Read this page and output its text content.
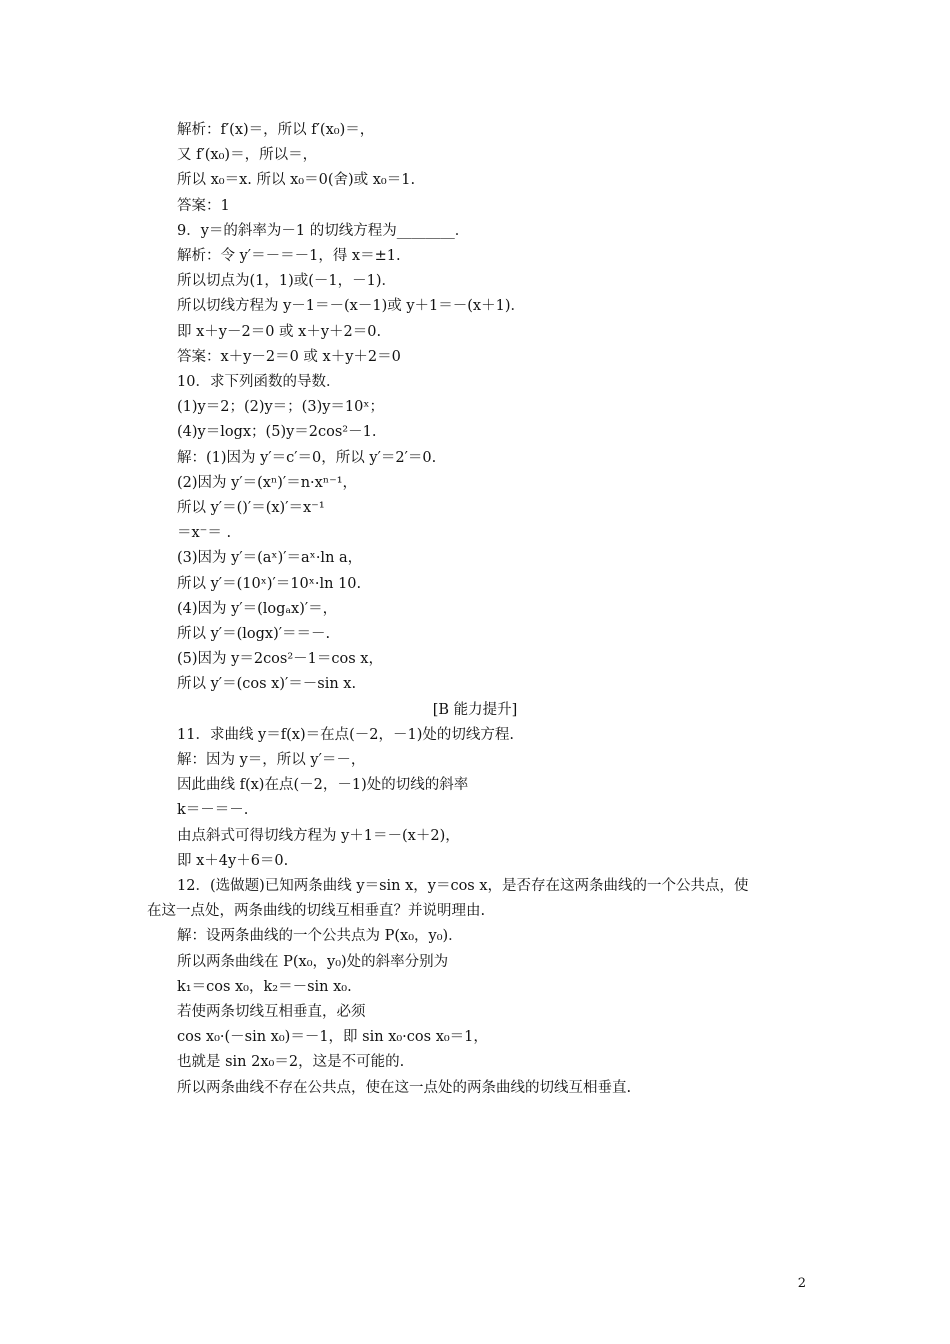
解析：f′(x)＝，所以 f′(x₀)＝，
又 f′(x₀)＝，所以＝，
所以 x₀＝x. 所以 x₀＝0(舍)或 x₀＝1.
答案：1
9．y＝的斜率为－1 的切线方程为________．
解析：令 y′＝－＝－1，得 x＝±1.
所以切点为(1，1)或(－1，－1)．
所以切线方程为 y－1＝－(x－1)或 y＋1＝－(x＋1)．
即 x＋y－2＝0 或 x＋y＋2＝0.
答案：x＋y－2＝0 或 x＋y＋2＝0
10．求下列函数的导数．
(1)y＝2；(2)y＝；(3)y＝10ˣ；
(4)y＝logx；(5)y＝2cos²－1.
解：(1)因为 y′＝c′＝0，所以 y′＝2′＝0.
(2)因为 y′＝(xⁿ)′＝n·xⁿ⁻¹，
所以 y′＝()′＝(x)′＝x⁻¹
＝x⁻＝ .
(3)因为 y′＝(aˣ)′＝aˣ·ln a，
所以 y′＝(10ˣ)′＝10ˣ·ln 10.
(4)因为 y′＝(logₐx)′＝，
所以 y′＝(logx)′＝＝－.
(5)因为 y＝2cos²－1＝cos x，
所以 y′＝(cos x)′＝－sin x.
[B 能力提升]
11．求曲线 y＝f(x)＝在点(－2，－1)处的切线方程.
解：因为 y＝，所以 y′＝－，
因此曲线 f(x)在点(－2，－1)处的切线的斜率
k＝－＝－.
由点斜式可得切线方程为 y＋1＝－(x＋2)，
即 x＋4y＋6＝0.
12．(选做题)已知两条曲线 y＝sin x，y＝cos x，是否存在这两条曲线的一个公共点，使
在这一点处，两条曲线的切线互相垂直？并说明理由.
解：设两条曲线的一个公共点为 P(x₀，y₀)．
所以两条曲线在 P(x₀，y₀)处的斜率分别为
k₁＝cos x₀，k₂＝－sin x₀.
若使两条切线互相垂直，必须
cos x₀·(－sin x₀)＝－1，即 sin x₀·cos x₀＝1，
也就是 sin 2x₀＝2，这是不可能的.
所以两条曲线不存在公共点，使在这一点处的两条曲线的切线互相垂直.
2
